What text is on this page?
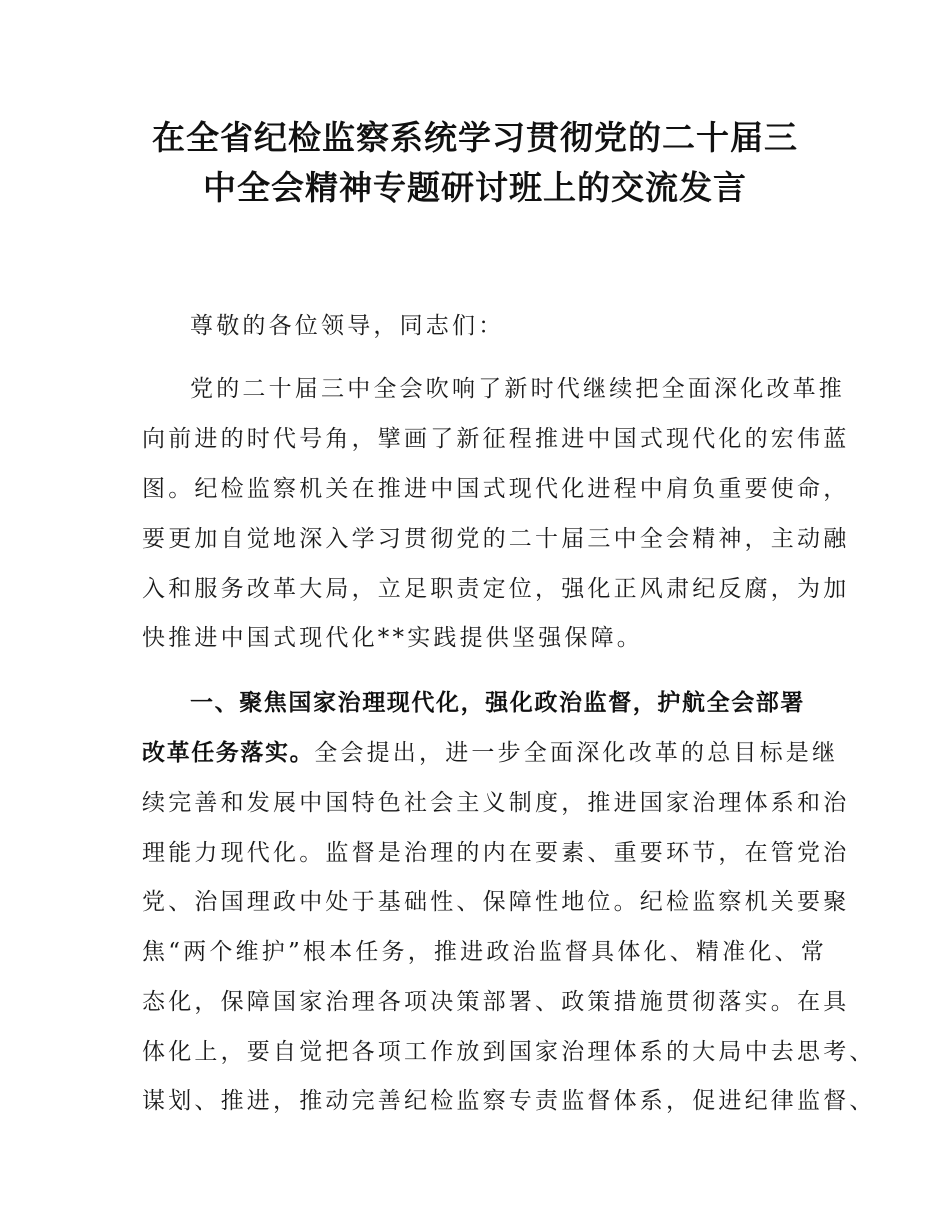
在全省纪检监察系统学习贯彻党的二十届三
中全会精神专题研讨班上的交流发言
尊敬的各位领导，同志们：
党的二十届三中全会吹响了新时代继续把全面深化改革推
向前进的时代号角，擘画了新征程推进中国式现代化的宏伟蓝
图。纪检监察机关在推进中国式现代化进程中肩负重要使命，
要更加自觉地深入学习贯彻党的二十届三中全会精神，主动融
入和服务改革大局，立足职责定位，强化正风肃纪反腐，为加
快推进中国式现代化**实践提供坚强保障。
一、聚焦国家治理现代化，强化政治监督，护航全会部署
改革任务落实。全会提出，进一步全面深化改革的总目标是继
续完善和发展中国特色社会主义制度，推进国家治理体系和治
理能力现代化。监督是治理的内在要素、重要环节，在管党治
党、治国理政中处于基础性、保障性地位。纪检监察机关要聚
焦“两个维护”根本任务，推进政治监督具体化、精准化、常
态化，保障国家治理各项决策部署、政策措施贯彻落实。在具
体化上，要自觉把各项工作放到国家治理体系的大局中去思考、
谋划、推进，推动完善纪检监察专责监督体系，促进纪律监督、
